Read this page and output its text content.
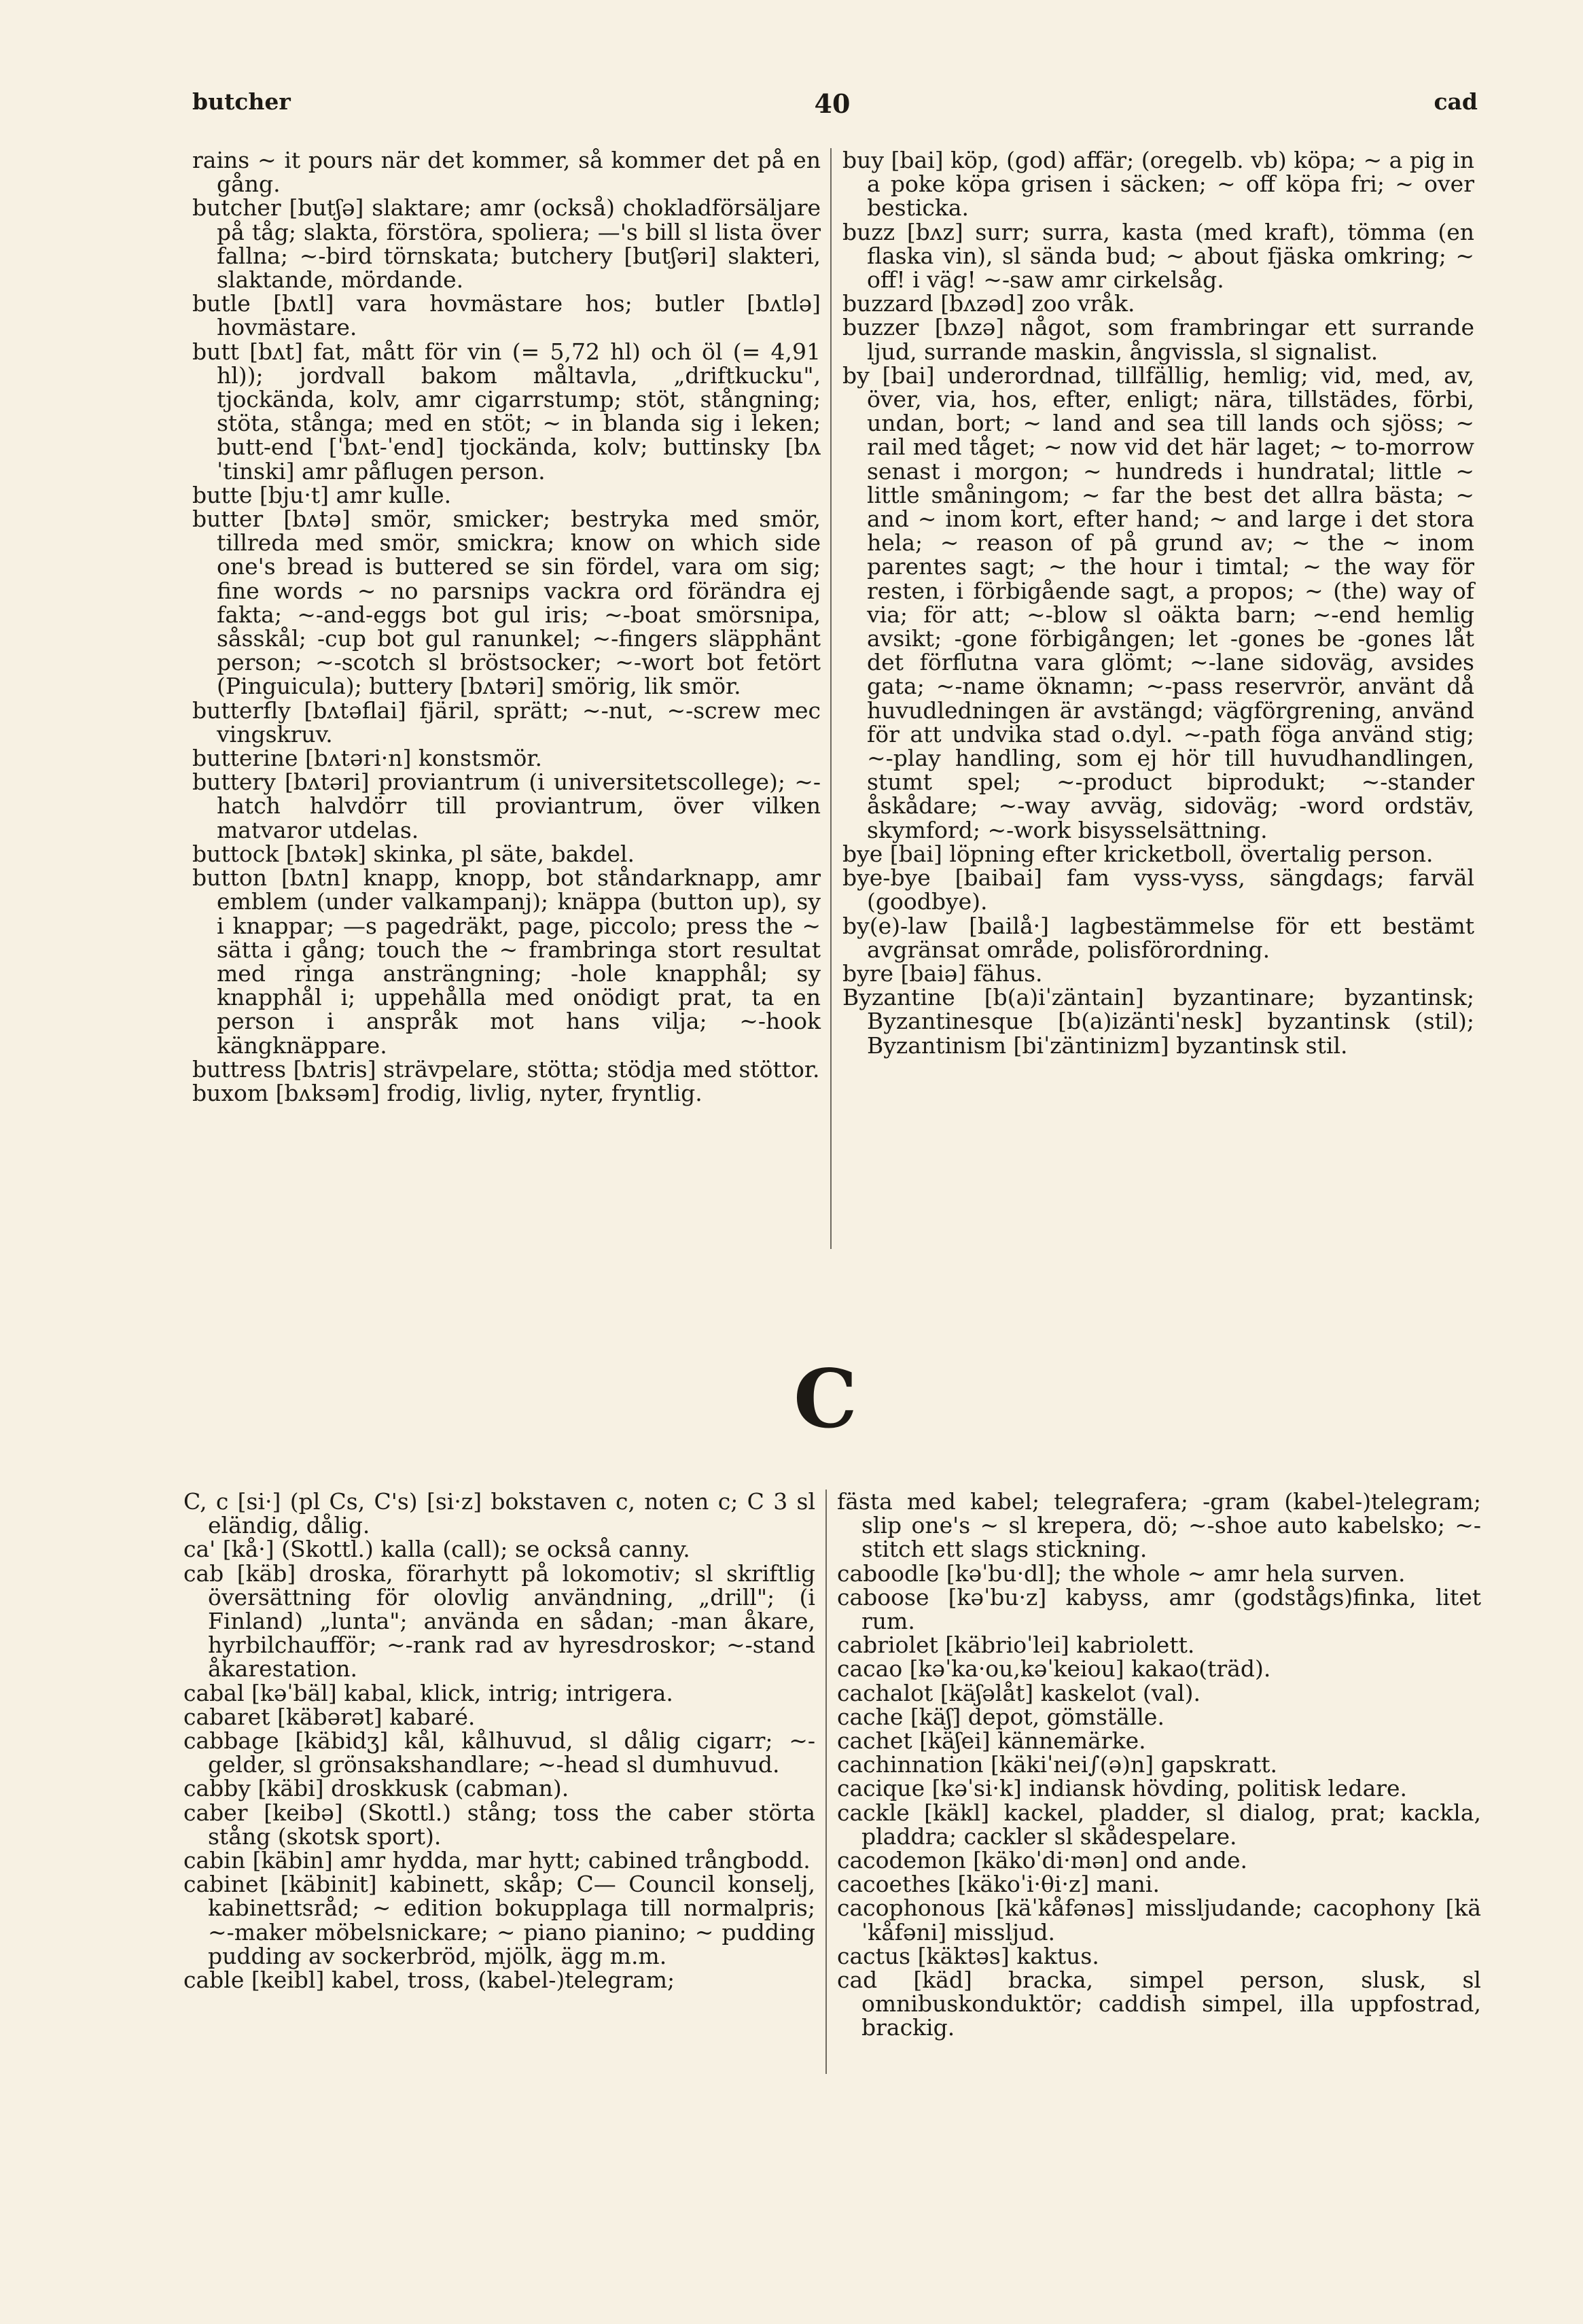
butcher	40	cad

rains ~ it pours när det kommer, så kommer det på en gång.

butcher [butʃə] slaktare; amr (också) chokladförsäljare på tåg; slakta, förstöra, spoliera; —'s bill sl lista över fallna; ~-bird törnskata; butchery [butʃəri] slakteri, slaktande, mördande.

butle [bʌtl] vara hovmästare hos; butler [bʌtlə] hovmästare.

butt [bʌt] fat, mått för vin (= 5,72 hl) och öl (= 4,91 hl)); jordvall bakom måltavla, „driftkucku", tjockända, kolv, amr cigarrstump; stöt, stångning; stöta, stånga; med en stöt; ~ in blanda sig i leken; butt-end [ˈbʌt-ˈend] tjockända, kolv; buttinsky [bʌˈtinski] amr påflugen person.

butte [bju·t] amr kulle.

butter [bʌtə] smör, smicker; bestryka med smör, tillreda med smör, smickra; know on which side one's bread is buttered se sin fördel, vara om sig; fine words ~ no parsnips vackra ord förändra ej fakta; ~-and-eggs bot gul iris; ~-boat smörsnipa, såsskål; -cup bot gul ranunkel; ~-fingers släpphänt person; ~-scotch sl bröstsocker; ~-wort bot fetört (Pinguicula); buttery [bʌtəri] smörig, lik smör.

butterfly [bʌtəflai] fjäril, sprätt; ~-nut, ~-screw mec vingskruv.

butterine [bʌtəri·n] konstsmör.

buttery [bʌtəri] proviantrum (i universitetscollege); ~-hatch halvdörr till proviantrum, över vilken matvaror utdelas.

buttock [bʌtək] skinka, pl säte, bakdel.

button [bʌtn] knapp, knopp, bot ståndarknapp, amr emblem (under valkampanj); knäppa (button up), sy i knappar; —s pagedräkt, page, piccolo; press the ~ sätta i gång; touch the ~ frambringa stort resultat med ringa ansträngning; -hole knapphål; sy knapphål i; uppehålla med onödigt prat, ta en person i anspråk mot hans vilja; ~-hook kängknäppare.

buttress [bʌtris] strävpelare, stötta; stödja med stöttor.

buxom [bʌksəm] frodig, livlig, nyter, fryntlig.

buy [bai] köp, (god) affär; (oregelb. vb) köpa; ~ a pig in a poke köpa grisen i säcken; ~ off köpa fri; ~ over besticka.

buzz [bʌz] surr; surra, kasta (med kraft), tömma (en flaska vin), sl sända bud; ~ about fjäska omkring; ~ off! i väg! ~-saw amr cirkelsåg.

buzzard [bʌzəd] zoo vråk.

buzzer [bʌzə] något, som frambringar ett surrande ljud, surrande maskin, ångvissla, sl signalist.

by [bai] underordnad, tillfällig, hemlig; vid, med, av, över, via, hos, efter, enligt; nära, tillstädes, förbi, undan, bort; ~ land and sea till lands och sjöss; ~ rail med tåget; ~ now vid det här laget; ~ to-morrow senast i morgon; ~ hundreds i hundratal; little ~ little småningom; ~ far the best det allra bästa; ~ and ~ inom kort, efter hand; ~ and large i det stora hela; ~ reason of på grund av; ~ the ~ inom parentes sagt; ~ the hour i timtal; ~ the way för resten, i förbigående sagt, a propos; ~ (the) way of via; för att; ~-blow sl oäkta barn; ~-end hemlig avsikt; -gone förbigången; let -gones be -gones låt det förflutna vara glömt; ~-lane sidoväg, avsides gata; ~-name öknamn; ~-pass reservrör, använt då huvudledningen är avstängd; vägförgrening, använd för att undvika stad o.dyl. ~-path föga använd stig; ~-play handling, som ej hör till huvudhandlingen, stumt spel; ~-product biprodukt; ~-stander åskådare; ~-way avväg, sidoväg; -word ordstäv, skymford; ~-work bisysselsättning.

bye [bai] löpning efter kricketboll, övertalig person.

bye-bye [baibai] fam vyss-vyss, sängdags; farväl (goodbye).

by(e)-law [bailå·] lagbestämmelse för ett bestämt avgränsat område, polisförordning.

byre [baiə] fähus.

Byzantine [b(a)iˈzäntain] byzantinare; byzantinsk; Byzantinesque [b(a)izäntiˈnesk] byzantinsk (stil); Byzantinism [biˈzäntinizm] byzantinsk stil.

C

C, c [si·] (pl Cs, C's) [si·z] bokstaven c, noten c; C 3 sl eländig, dålig.

ca' [kå·] (Skottl.) kalla (call); se också canny.

cab [käb] droska, förarhytt på lokomotiv; sl skriftlig översättning för olovlig användning, „drill"; (i Finland) „lunta"; använda en sådan; -man åkare, hyrbilchaufför; ~-rank rad av hyresdroskor; ~-stand åkarestation.

cabal [kəˈbäl] kabal, klick, intrig; intrigera.

cabaret [käbərət] kabaré.

cabbage [käbidʒ] kål, kålhuvud, sl dålig cigarr; ~-gelder, sl grönsakshandlare; ~-head sl dumhuvud.

cabby [käbi] droskkusk (cabman).

caber [keibə] (Skottl.) stång; toss the caber störta stång (skotsk sport).

cabin [käbin] amr hydda, mar hytt; cabined trångbodd.

cabinet [käbinit] kabinett, skåp; C— Council konselj, kabinettsråd; ~ edition bokupplaga till normalpris; ~-maker möbelsnickare; ~ piano pianino; ~ pudding pudding av sockerbröd, mjölk, ägg m.m.

cable [keibl] kabel, tross, (kabel-)telegram;

fästa med kabel; telegrafera; -gram (kabel-)telegram; slip one's ~ sl krepera, dö; ~-shoe auto kabelsko; ~-stitch ett slags stickning.

caboodle [kəˈbu·dl]; the whole ~ amr hela surven.

caboose [kəˈbu·z] kabyss, amr (godstågs)finka, litet rum.

cabriolet [käbrioˈlei] kabriolett.

cacao [kəˈka·ou,kəˈkeiou] kakao(träd).

cachalot [käʃəlåt] kaskelot (val).

cache [käʃ] depot, gömställe.

cachet [käʃei] kännemärke.

cachinnation [käkiˈnei∫(ə)n] gapskratt.

cacique [kəˈsi·k] indiansk hövding, politisk ledare.

cackle [käkl] kackel, pladder, sl dialog, prat; kackla, pladdra; cackler sl skådespelare.

cacodemon [käkoˈdi·mən] ond ande.

cacoethes [käkoˈi·θi·z] mani.

cacophonous [käˈkåfənəs] missljudande; cacophony [käˈkåfəni] missljud.

cactus [käktəs] kaktus.

cad [käd] bracka, simpel person, slusk, sl omnibuskonduktör; caddish simpel, illa uppfostrad, brackig.
